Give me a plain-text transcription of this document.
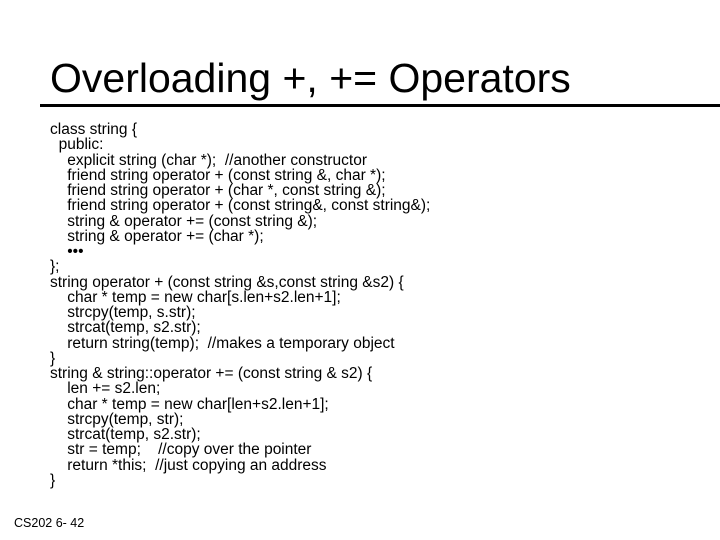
Overloading +, += Operators
class string {
public:
explicit string (char *);  //another constructor
friend string operator + (const string &, char *);
friend string operator + (char *, const string &);
friend string operator + (const string&, const string&);
string & operator += (const string &);
string & operator += (char *);
•••
};
string operator + (const string &s,const string &s2) {
char * temp = new char[s.len+s2.len+1];
strcpy(temp, s.str);
strcat(temp, s2.str);
return string(temp);  //makes a temporary object
}
string & string::operator += (const string & s2) {
len += s2.len;
char * temp = new char[len+s2.len+1];
strcpy(temp, str);
strcat(temp, s2.str);
str = temp;    //copy over the pointer
return *this;  //just copying an address
}
CS202 6- 42
